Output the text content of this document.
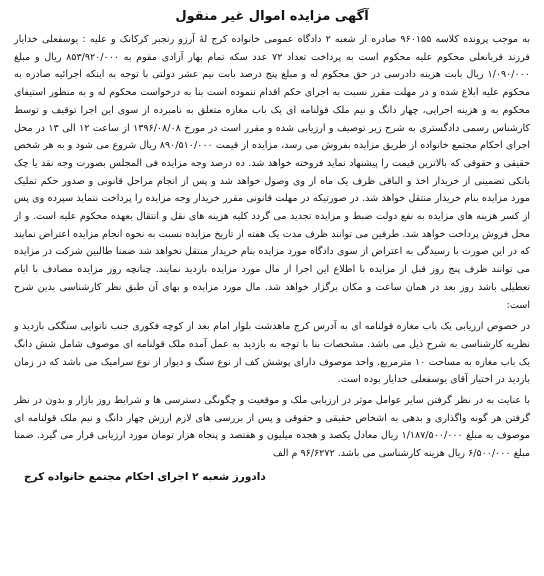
آگهی مزایده اموال غیر منقول

به موجب پرونده کلاسه ۹۶۰۱۵۵ صادره از شعبه ۲ دادگاه عمومی خانواده کرج لهٔ آرزو رنجبر کرکانک و علیه : یوسفعلی خدایار فرزند قربانعلی محکوم علیه محکوم است به پرداخت تعداد ۷۲ عدد سکه تمام بهار آزادی مقوم به ۸۵۳/۹۲۰/۰۰۰ ریال و مبلغ ۱/۰۹۰/۰۰۰ ریال بابت هزینه دادرسی در حق محکوم له و مبلغ پنج درصد بابت نیم عشر دولتی با توجه به اینکه اجرائیه صادره به محکوم علیه ابلاغ شده و در مهلت مقرر نسبت به اجرای حکم اقدام ننموده است بنا به درخواست محکوم له و به منظور استیفای محکوم به و هزینه اجرایی، چهار دانگ و نیم ملک قولنامه ای یک باب مغازه متعلق به نامبرده از سوی این اجرا توقیف و توسط کارشناس رسمی دادگستری به شرح زیر توصیف و ارزیابی شده و مقرر است در مورخ ۱۳۹۶/۰۸/۰۸ از ساعت ۱۲ الی ۱۳ در محل اجرای احکام مجتمع خانواده از طریق مزایده بفروش می رسد، مزایده از قیمت ۸۹۰/۵۱۰/۰۰۰ ریال شروع می شود و به هر شخص حقیقی و حقوقی که بالاترین قیمت را پیشنهاد نماید فروخته خواهد شد. ده درصد وجه مزایده فی المجلس بصورت وجه نقد یا چک بانکی تضمینی از خریدار اخذ و الباقی ظرف یک ماه از وی وصول خواهد شد و پس از انجام مراحل قانونی و صدور حکم تملیک مورد مزایده بنام خریدار منتقل خواهد شد. در صورتیکه در مهلت قانونی مقرر خریدار وجه مزایده را پرداخت ننماید سپرده وی پس از کسر هزینه های مزایده به نفع دولت ضبط و مزایده تجدید می گردد کلیه هزینه های نقل و انتقال بعهده محکوم علیه است. و از محل فروش پرداخت خواهد شد. طرفین می توانند ظرف مدت یک هفته از تاریخ مزایده نسبت به نحوه انجام مزایده اعتراض نمایند که در این صورت با رسیدگی به اعتراض از سوی دادگاه مورد مزایده بنام خریدار منتقل نخواهد شد ضمنا طالبین شرکت در مزایده می توانند ظرف پنج روز قبل از مزایده با اطلاع این اجرا از مال مورد مزایده بازدید نمایند. چنانچه روز مزایده مصادف با ایام تعطیلی باشد روز بعد در همان ساعت و مکان برگزار خواهد شد. مال مورد مزایده و بهای آن طبق نظر کارشناسی بدین شرح است:

در خصوص ارزیابی یک باب مغازه قولنامه ای به آدرس کرج ماهدشت بلوار امام بعد از کوچه فکوری جنب نانوایی سنگکی بازدید و نظریه کارشناسی به شرح ذیل می باشد. مشخصات بنا با توجه به بازدید به عمل آمده ملک قولنامه ای موصوف شامل شش دانگ یک باب مغازه به مساحت ۱۰ مترمربع. واحد موصوف دارای پوشش کف از نوع سنگ و دیوار از نوع سرامیک می باشد که در زمان بازدید در اختیار آقای یوسفعلی خدایار بوده است.

با عنایت به در نظر گرفتن سایر عوامل موثر در ارزیابی ملک و موقعیت و چگونگی دسترسی ها و شرایط روز بازار و بدون در نظر گرفتن هر گونه واگذاری و بدهی به اشخاص حقیقی و حقوقی و پس از بررسی های لازم ارزش چهار دانگ و نیم ملک قولنامه ای موصوف به مبلغ ۱/۱۸۷/۵۰۰/۰۰۰ ریال معادل یکصد و هجده میلیون و هفتصد و پنجاه هزار تومان مورد ارزیابی قرار می گیرد. ضمنا مبلغ ۶/۵۰۰/۰۰۰ ریال هزینه کارشناسی می باشد. ۹۶/۶۲۷۲ م الف

دادورز شعبه ۲ اجرای احکام مجتمع خانواده کرج
